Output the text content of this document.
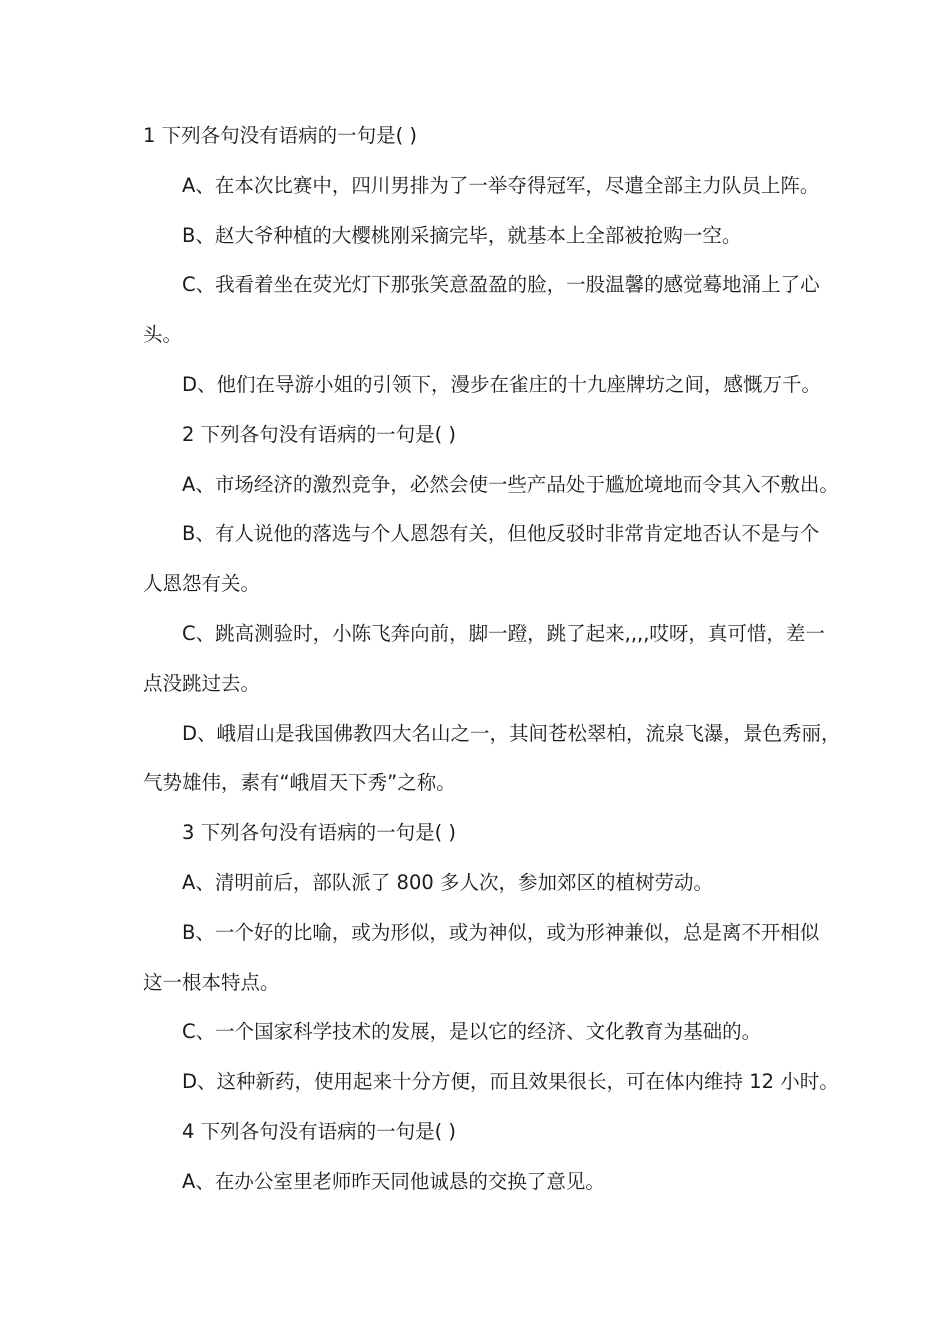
1 下列各句没有语病的一句是( )
A、在本次比赛中，四川男排为了一举夺得冠军，尽遣全部主力队员上阵。
B、赵大爷种植的大樱桃刚采摘完毕，就基本上全部被抢购一空。
C、我看着坐在荧光灯下那张笑意盈盈的脸，一股温馨的感觉蓦地涌上了心
头。
D、他们在导游小姐的引领下，漫步在雀庄的十九座牌坊之间，感慨万千。
2 下列各句没有语病的一句是( )
A、市场经济的激烈竞争，必然会使一些产品处于尴尬境地而令其入不敷出。
B、有人说他的落选与个人恩怨有关，但他反驳时非常肯定地否认不是与个
人恩怨有关。
C、跳高测验时，小陈飞奔向前，脚一蹬，跳了起来,,,,哎呀，真可惜，差一
点没跳过去。
D、峨眉山是我国佛教四大名山之一，其间苍松翠柏，流泉飞瀑，景色秀丽，
气势雄伟，素有“峨眉天下秀”之称。
3 下列各句没有语病的一句是( )
A、清明前后，部队派了 800 多人次，参加郊区的植树劳动。
B、一个好的比喻，或为形似，或为神似，或为形神兼似，总是离不开相似
这一根本特点。
C、一个国家科学技术的发展，是以它的经济、文化教育为基础的。
D、这种新药，使用起来十分方便，而且效果很长，可在体内维持 12 小时。
4 下列各句没有语病的一句是( )
A、在办公室里老师昨天同他诚恳的交换了意见。
